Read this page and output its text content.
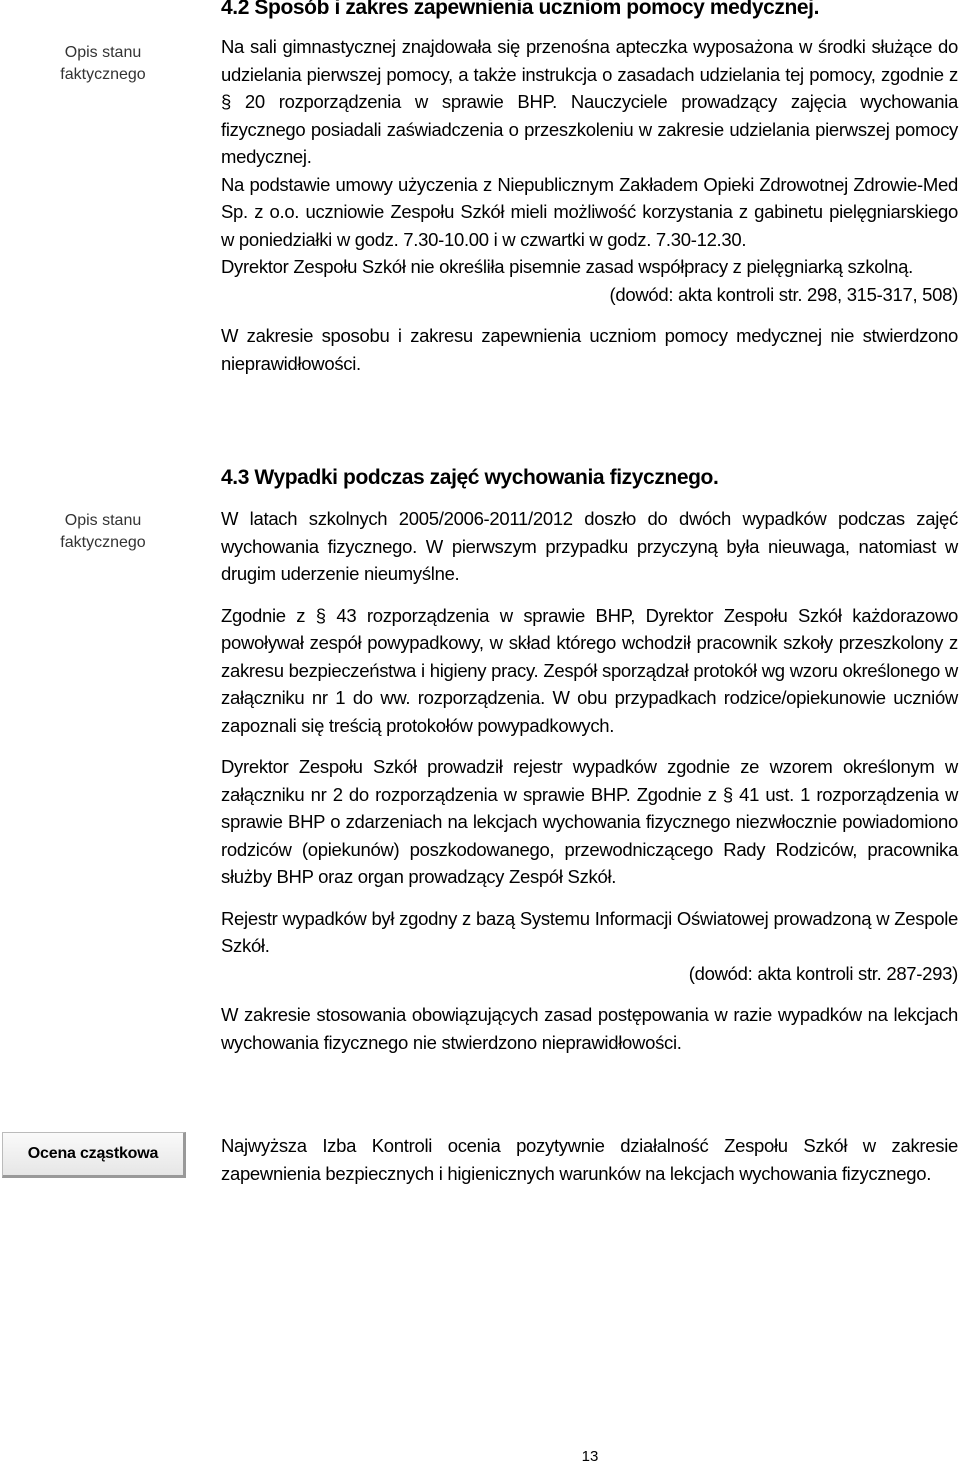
Opis stanu
faktycznego
Opis stanu
faktycznego
Ocena cząstkowa
4.2 Sposób i zakres zapewnienia uczniom pomocy medycznej.

Na sali gimnastycznej znajdowała się przenośna apteczka wyposażona w środki służące do udzielania pierwszej pomocy, a także instrukcja o zasadach udzielania tej pomocy, zgodnie z § 20 rozporządzenia w sprawie BHP. Nauczyciele prowadzący zajęcia wychowania fizycznego posiadali zaświadczenia o przeszkoleniu w zakresie udzielania pierwszej pomocy medycznej.

Na podstawie umowy użyczenia z Niepublicznym Zakładem Opieki Zdrowotnej Zdrowie-Med Sp. z o.o. uczniowie Zespołu Szkół mieli możliwość korzystania z gabinetu pielęgniarskiego w poniedziałki w godz. 7.30-10.00 i w czwartki w godz. 7.30-12.30.

Dyrektor Zespołu Szkół nie określiła pisemnie zasad współpracy z pielęgniarką szkolną.

(dowód: akta kontroli str. 298, 315-317, 508)

W zakresie sposobu i zakresu zapewnienia uczniom pomocy medycznej nie stwierdzono nieprawidłowości.

4.3 Wypadki podczas zajęć wychowania fizycznego.

W latach szkolnych 2005/2006-2011/2012 doszło do dwóch wypadków podczas zajęć wychowania fizycznego. W pierwszym przypadku przyczyną była nieuwaga, natomiast w drugim uderzenie nieumyślne.

Zgodnie z § 43 rozporządzenia w sprawie BHP, Dyrektor Zespołu Szkół każdorazowo powoływał zespół powypadkowy, w skład którego wchodził pracownik szkoły przeszkolony z zakresu bezpieczeństwa i higieny pracy. Zespół sporządzał protokół wg wzoru określonego w załączniku nr 1 do ww. rozporządzenia. W obu przypadkach rodzice/opiekunowie uczniów zapoznali się treścią protokołów powypadkowych.

Dyrektor Zespołu Szkół prowadził rejestr wypadków zgodnie ze wzorem określonym w załączniku nr 2 do rozporządzenia w sprawie BHP. Zgodnie z § 41 ust. 1 rozporządzenia w sprawie BHP o zdarzeniach na lekcjach wychowania fizycznego niezwłocznie powiadomiono rodziców (opiekunów) poszkodowanego, przewodniczącego Rady Rodziców, pracownika służby BHP oraz organ prowadzący Zespół Szkół.

Rejestr wypadków był zgodny z bazą Systemu Informacji Oświatowej prowadzoną w Zespole Szkół.

(dowód: akta kontroli str. 287-293)

W zakresie stosowania obowiązujących zasad postępowania w razie wypadków na lekcjach wychowania fizycznego nie stwierdzono nieprawidłowości.

Najwyższa Izba Kontroli ocenia pozytywnie działalność Zespołu Szkół w zakresie zapewnienia bezpiecznych i higienicznych warunków na lekcjach wychowania fizycznego.

13
